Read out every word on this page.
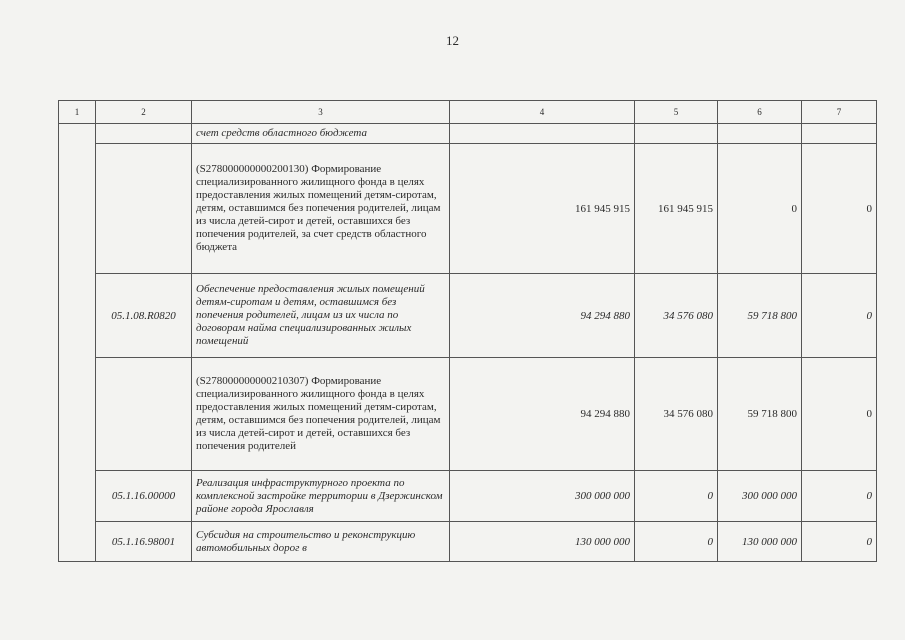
12
1	2	3	4	5	6	7
		счет средств областного бюджета				
		(S278000000000200130) Формирование специализированного жилищного фонда в целях предоставления жилых помещений детям-сиротам, детям, оставшимся без попечения родителей, лицам из числа детей-сирот и детей, оставшихся без попечения родителей, за счет средств областного бюджета	161 945 915	161 945 915	0	0
	05.1.08.R0820	Обеспечение предоставления жилых помещений детям-сиротам и детям, оставшимся без попечения родителей, лицам из их числа по договорам найма специализированных жилых помещений	94 294 880	34 576 080	59 718 800	0
		(S278000000000210307) Формирование специализированного жилищного фонда в целях предоставления жилых помещений детям-сиротам, детям, оставшимся без попечения родителей, лицам из числа детей-сирот и детей, оставшихся без попечения родителей	94 294 880	34 576 080	59 718 800	0
	05.1.16.00000	Реализация инфраструктурного проекта по комплексной застройке территории в Дзержинском районе города Ярославля	300 000 000	0	300 000 000	0
	05.1.16.98001	Субсидия на строительство и реконструкцию автомобильных дорог в	130 000 000	0	130 000 000	0
